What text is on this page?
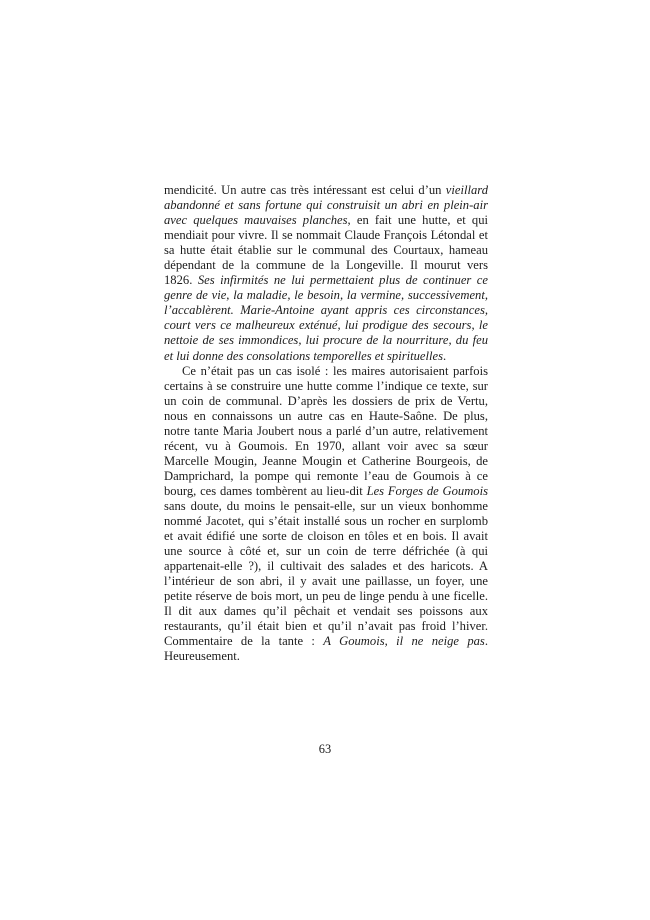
mendicité. Un autre cas très intéressant est celui d’un vieillard abandonné et sans fortune qui construisit un abri en plein-air avec quelques mauvaises planches, en fait une hutte, et qui mendiait pour vivre. Il se nommait Claude François Létondal et sa hutte était établie sur le communal des Courtaux, hameau dépendant de la commune de la Longeville. Il mourut vers 1826. Ses infirmités ne lui permettaient plus de continuer ce genre de vie, la maladie, le besoin, la vermine, successivement, l’accablèrent. Marie-Antoine ayant appris ces circonstances, court vers ce malheureux exténué, lui prodigue des secours, le nettoie de ses immondices, lui procure de la nourriture, du feu et lui donne des consolations temporelles et spirituelles.

Ce n’était pas un cas isolé : les maires autorisaient parfois certains à se construire une hutte comme l’indique ce texte, sur un coin de communal. D’après les dossiers de prix de Vertu, nous en connaissons un autre cas en Haute-Saône. De plus, notre tante Maria Joubert nous a parlé d’un autre, relativement récent, vu à Goumois. En 1970, allant voir avec sa sœur Marcelle Mougin, Jeanne Mougin et Catherine Bourgeois, de Damprichard, la pompe qui remonte l’eau de Goumois à ce bourg, ces dames tombèrent au lieu-dit Les Forges de Goumois sans doute, du moins le pensait-elle, sur un vieux bonhomme nommé Jacotet, qui s’était installé sous un rocher en surplomb et avait édifié une sorte de cloison en tôles et en bois. Il avait une source à côté et, sur un coin de terre défrichée (à qui appartenait-elle ?), il cultivait des salades et des haricots. A l’intérieur de son abri, il y avait une paillasse, un foyer, une petite réserve de bois mort, un peu de linge pendu à une ficelle. Il dit aux dames qu’il pêchait et vendait ses poissons aux restaurants, qu’il était bien et qu’il n’avait pas froid l’hiver. Commentaire de la tante : A Goumois, il ne neige pas. Heureusement.

63
